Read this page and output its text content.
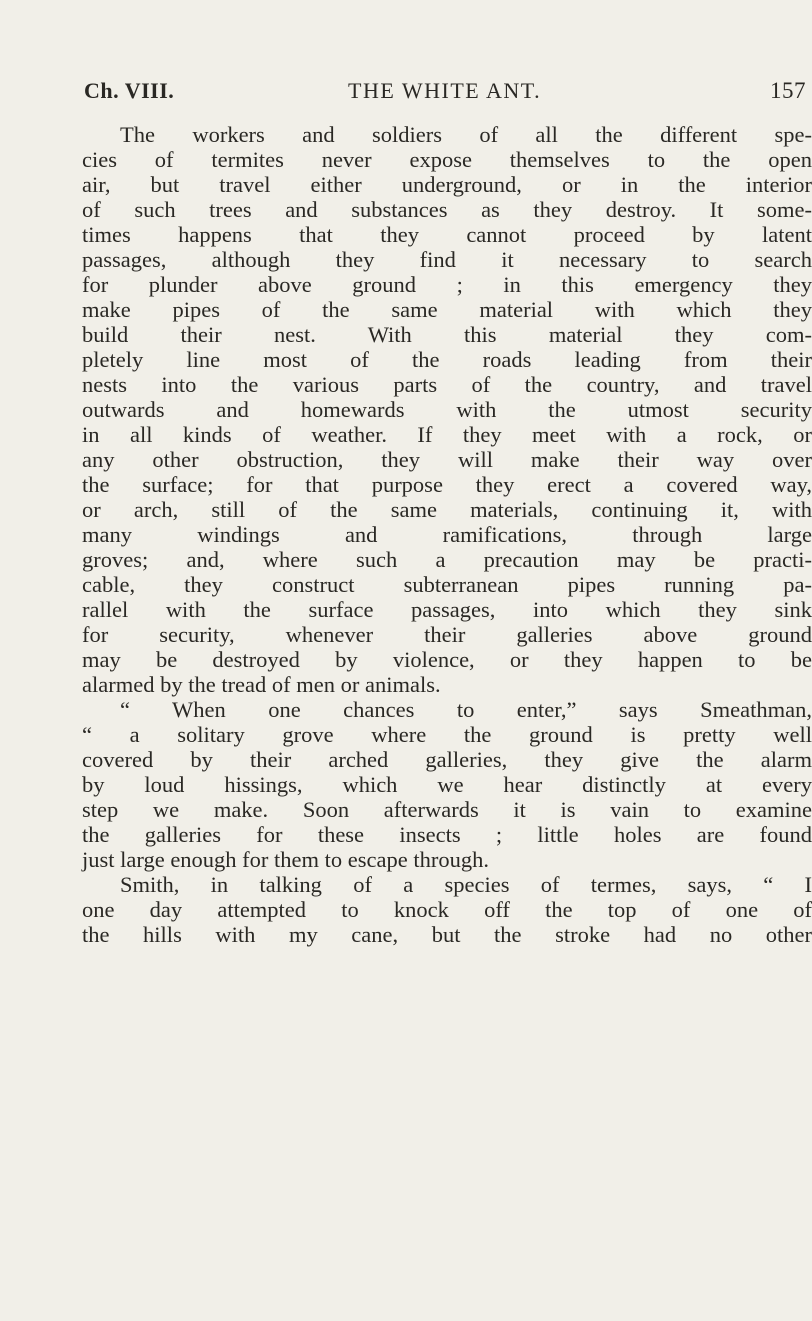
Ch. VIII.	THE WHITE ANT.	157
The workers and soldiers of all the different spe-
cies of termites never expose themselves to the open
air, but travel either underground, or in the interior
of such trees and substances as they destroy. It some-
times happens that they cannot proceed by latent
passages, although they find it necessary to search
for plunder above ground ; in this emergency they
make pipes of the same material with which they
build their nest. With this material they com-
pletely line most of the roads leading from their
nests into the various parts of the country, and travel
outwards and homewards with the utmost security
in all kinds of weather. If they meet with a rock, or
any other obstruction, they will make their way over
the surface; for that purpose they erect a covered way,
or arch, still of the same materials, continuing it, with
many windings and ramifications, through large
groves; and, where such a precaution may be practi-
cable, they construct subterranean pipes running pa-
rallel with the surface passages, into which they sink
for security, whenever their galleries above ground
may be destroyed by violence, or they happen to be
alarmed by the tread of men or animals.
“ When one chances to enter,” says Smeathman,
“ a solitary grove where the ground is pretty well
covered by their arched galleries, they give the alarm
by loud hissings, which we hear distinctly at every
step we make. Soon afterwards it is vain to examine
the galleries for these insects ; little holes are found
just large enough for them to escape through.
Smith, in talking of a species of termes, says, “ I
one day attempted to knock off the top of one of
the hills with my cane, but the stroke had no other
